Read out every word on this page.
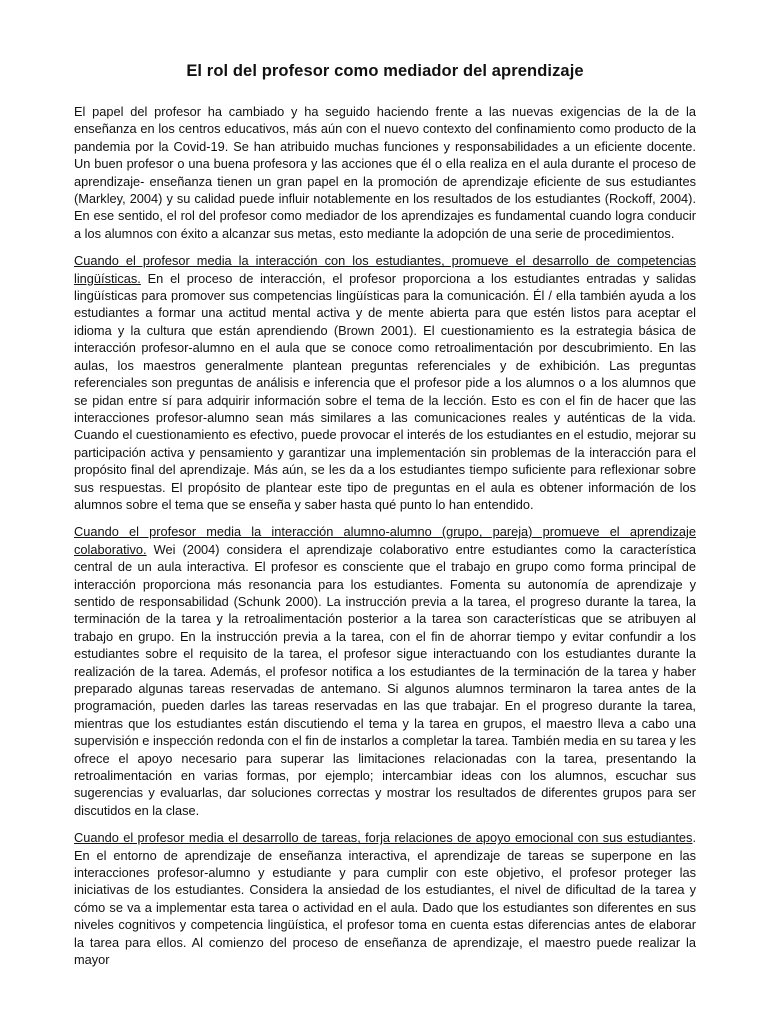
El rol del profesor como mediador del aprendizaje

El papel del profesor ha cambiado y ha seguido haciendo frente a las nuevas exigencias de la de la enseñanza en los centros educativos, más aún con el nuevo contexto del confinamiento como producto de la pandemia por la Covid-19. Se han atribuido muchas funciones y responsabilidades a un eficiente docente. Un buen profesor o una buena profesora y las acciones que él o ella realiza en el aula durante el proceso de aprendizaje- enseñanza tienen un gran papel en la promoción de aprendizaje eficiente de sus estudiantes (Markley, 2004) y su calidad puede influir notablemente en los resultados de los estudiantes (Rockoff, 2004). En ese sentido, el rol del profesor como mediador de los aprendizajes es fundamental cuando logra conducir a los alumnos con éxito a alcanzar sus metas, esto mediante la adopción de una serie de procedimientos.

Cuando el profesor media la interacción con los estudiantes, promueve el desarrollo de competencias lingüísticas. En el proceso de interacción, el profesor proporciona a los estudiantes entradas y salidas lingüísticas para promover sus competencias lingüísticas para la comunicación. Él / ella también ayuda a los estudiantes a formar una actitud mental activa y de mente abierta para que estén listos para aceptar el idioma y la cultura que están aprendiendo (Brown 2001). El cuestionamiento es la estrategia básica de interacción profesor-alumno en el aula que se conoce como retroalimentación por descubrimiento. En las aulas, los maestros generalmente plantean preguntas referenciales y de exhibición. Las preguntas referenciales son preguntas de análisis e inferencia que el profesor pide a los alumnos o a los alumnos que se pidan entre sí para adquirir información sobre el tema de la lección. Esto es con el fin de hacer que las interacciones profesor-alumno sean más similares a las comunicaciones reales y auténticas de la vida. Cuando el cuestionamiento es efectivo, puede provocar el interés de los estudiantes en el estudio, mejorar su participación activa y pensamiento y garantizar una implementación sin problemas de la interacción para el propósito final del aprendizaje. Más aún, se les da a los estudiantes tiempo suficiente para reflexionar sobre sus respuestas. El propósito de plantear este tipo de preguntas en el aula es obtener información de los alumnos sobre el tema que se enseña y saber hasta qué punto lo han entendido.

Cuando el profesor media la interacción alumno-alumno (grupo, pareja) promueve el aprendizaje colaborativo. Wei (2004) considera el aprendizaje colaborativo entre estudiantes como la característica central de un aula interactiva. El profesor es consciente que el trabajo en grupo como forma principal de interacción proporciona más resonancia para los estudiantes. Fomenta su autonomía de aprendizaje y sentido de responsabilidad (Schunk 2000). La instrucción previa a la tarea, el progreso durante la tarea, la terminación de la tarea y la retroalimentación posterior a la tarea son características que se atribuyen al trabajo en grupo. En la instrucción previa a la tarea, con el fin de ahorrar tiempo y evitar confundir a los estudiantes sobre el requisito de la tarea, el profesor sigue interactuando con los estudiantes durante la realización de la tarea. Además, el profesor notifica a los estudiantes de la terminación de la tarea y haber preparado algunas tareas reservadas de antemano. Si algunos alumnos terminaron la tarea antes de la programación, pueden darles las tareas reservadas en las que trabajar. En el progreso durante la tarea, mientras que los estudiantes están discutiendo el tema y la tarea en grupos, el maestro lleva a cabo una supervisión e inspección redonda con el fin de instarlos a completar la tarea. También media en su tarea y les ofrece el apoyo necesario para superar las limitaciones relacionadas con la tarea, presentando la retroalimentación en varias formas, por ejemplo; intercambiar ideas con los alumnos, escuchar sus sugerencias y evaluarlas, dar soluciones correctas y mostrar los resultados de diferentes grupos para ser discutidos en la clase.

Cuando el profesor media el desarrollo de tareas, forja relaciones de apoyo emocional con sus estudiantes. En el entorno de aprendizaje de enseñanza interactiva, el aprendizaje de tareas se superpone en las interacciones profesor-alumno y estudiante y para cumplir con este objetivo, el profesor proteger las iniciativas de los estudiantes. Considera la ansiedad de los estudiantes, el nivel de dificultad de la tarea y cómo se va a implementar esta tarea o actividad en el aula. Dado que los estudiantes son diferentes en sus niveles cognitivos y competencia lingüística, el profesor toma en cuenta estas diferencias antes de elaborar la tarea para ellos. Al comienzo del proceso de enseñanza de aprendizaje, el maestro puede realizar la mayor
